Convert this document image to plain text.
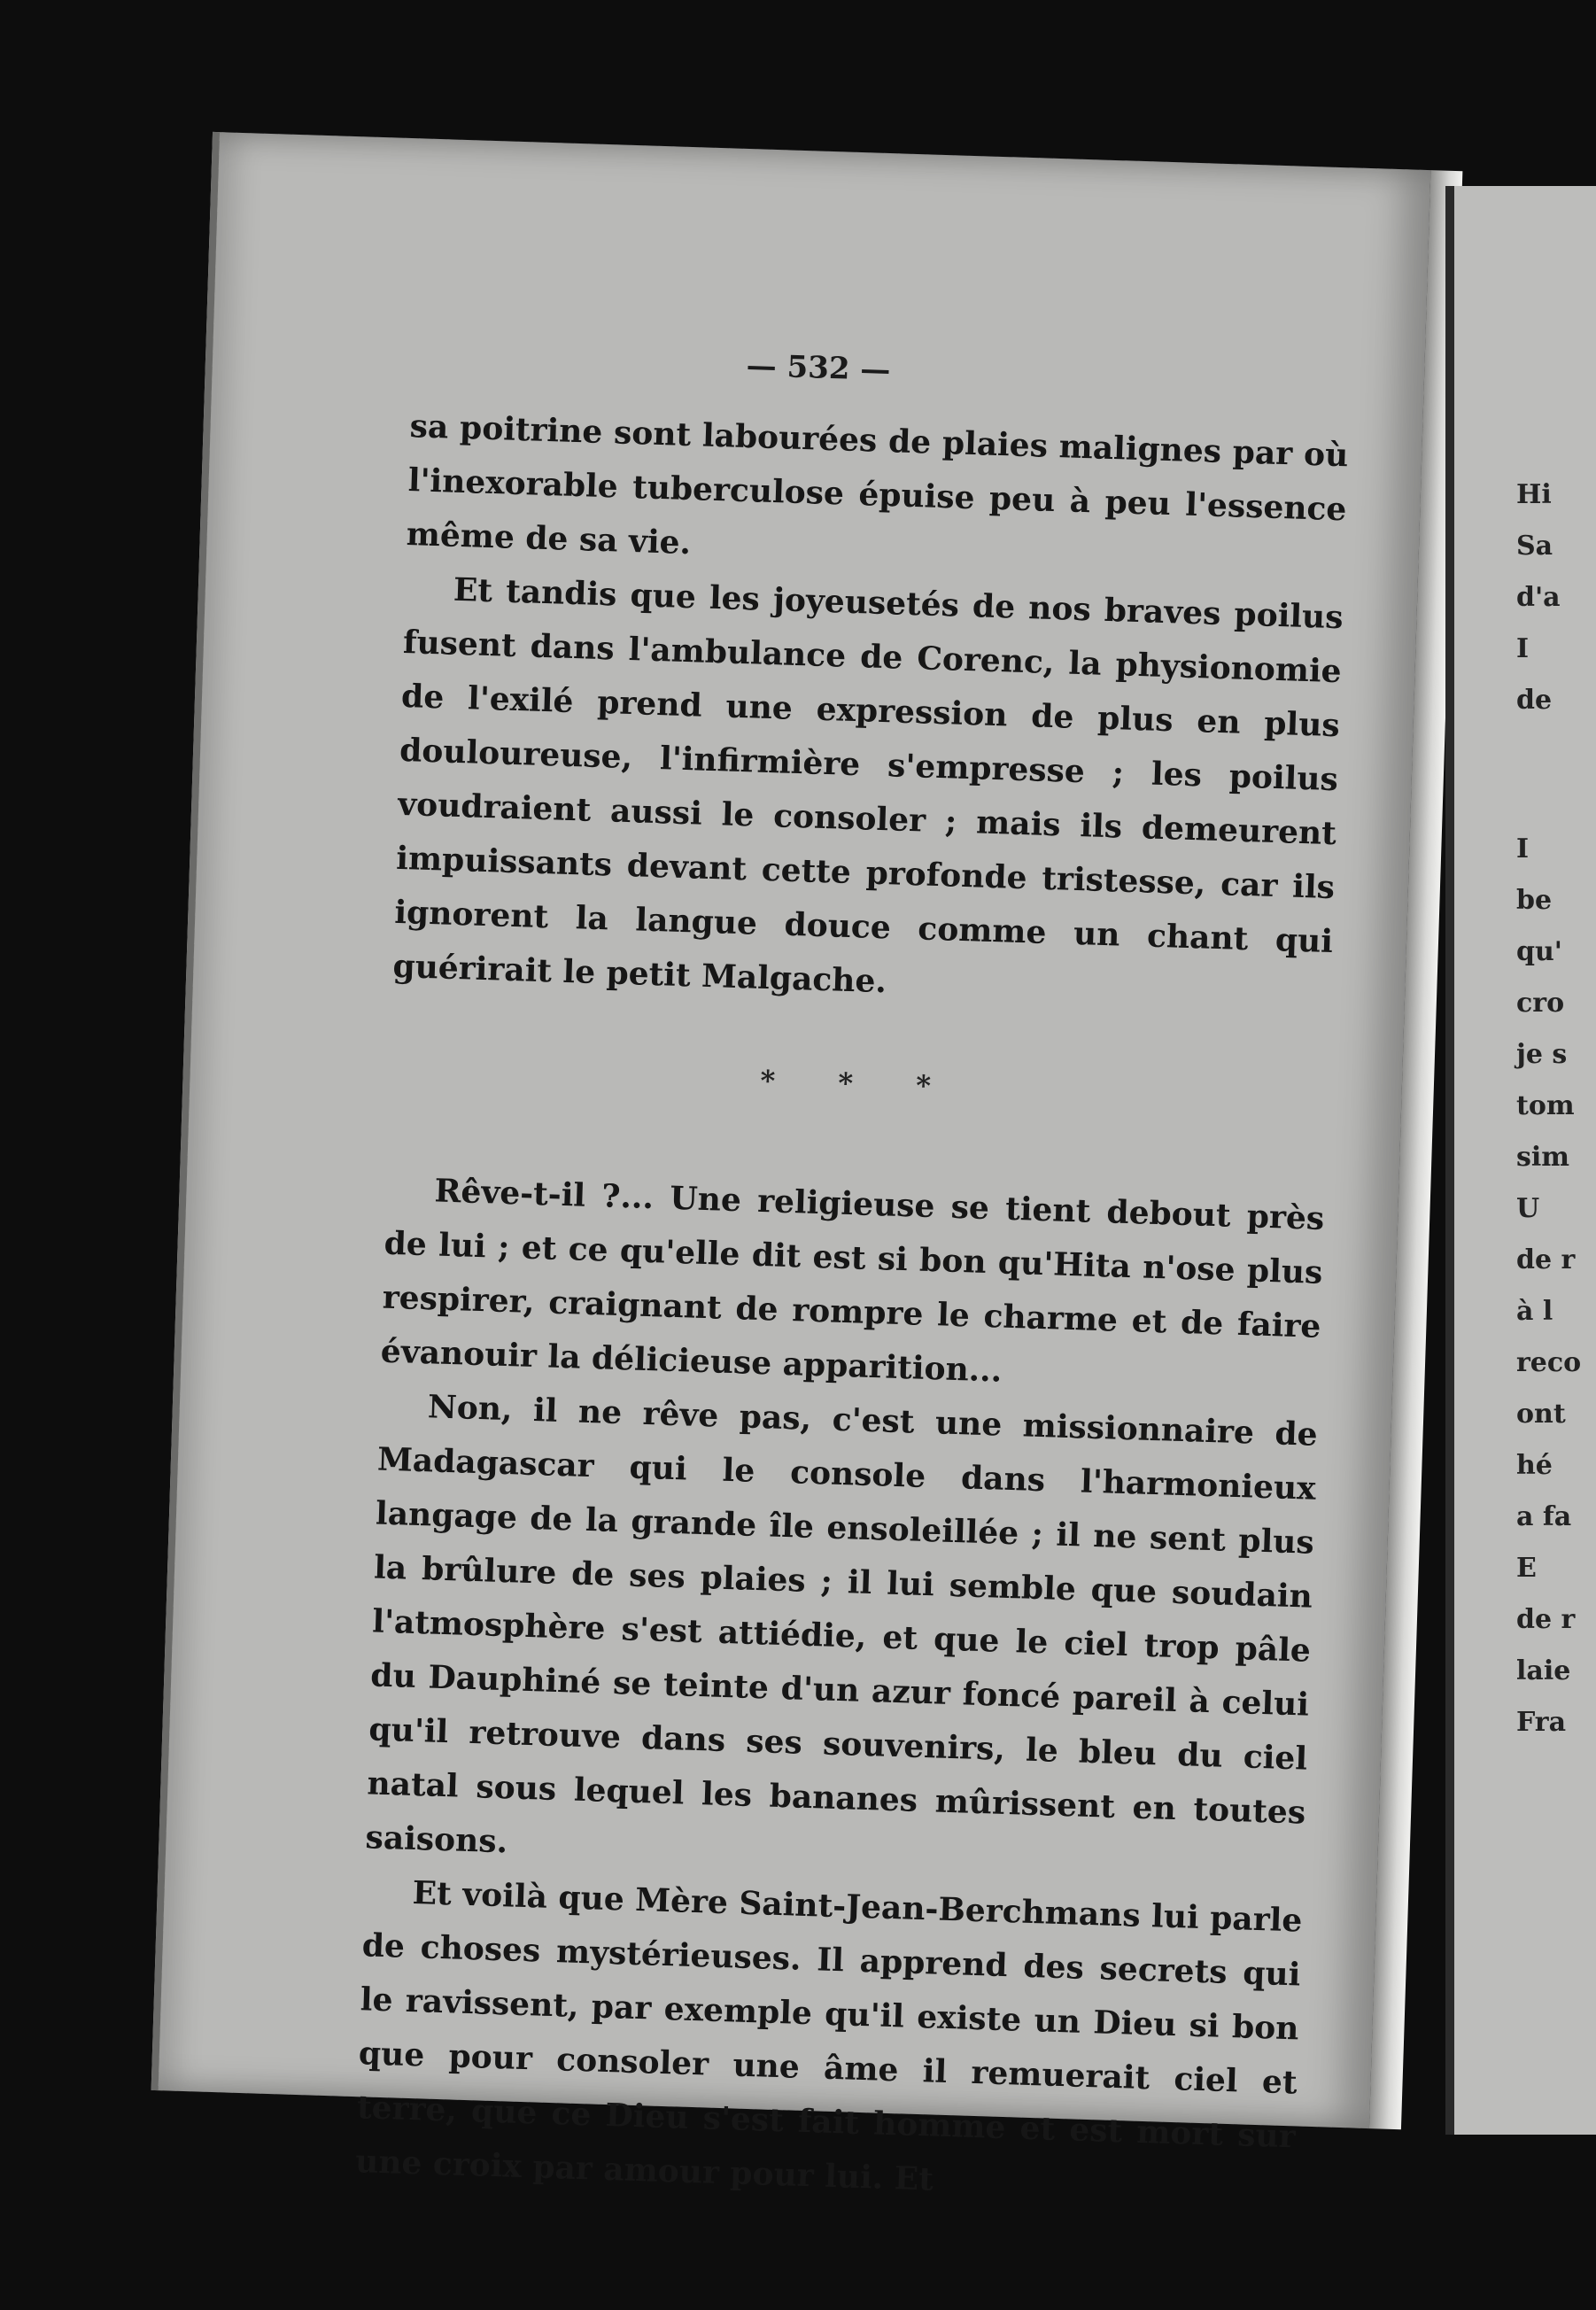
— 532 —

sa poitrine sont labourées de plaies malignes par où l'inexorable tuberculose épuise peu à peu l'essence même de sa vie.

Et tandis que les joyeusetés de nos braves poilus fusent dans l'ambulance de Corenc, la physionomie de l'exilé prend une expression de plus en plus douloureuse, l'infirmière s'empresse ; les poilus voudraient aussi le consoler ; mais ils demeurent impuissants devant cette profonde tristesse, car ils ignorent la langue douce comme un chant qui guérirait le petit Malgache.

* * *

Rêve-t-il ?... Une religieuse se tient debout près de lui ; et ce qu'elle dit est si bon qu'Hita n'ose plus respirer, craignant de rompre le charme et de faire évanouir la délicieuse apparition...

Non, il ne rêve pas, c'est une missionnaire de Madagascar qui le console dans l'harmonieux langage de la grande île ensoleillée ; il ne sent plus la brûlure de ses plaies ; il lui semble que soudain l'atmosphère s'est attiédie, et que le ciel trop pâle du Dauphiné se teinte d'un azur foncé pareil à celui qu'il retrouve dans ses souvenirs, le bleu du ciel natal sous lequel les bananes mûrissent en toutes saisons.

Et voilà que Mère Saint-Jean-Berchmans lui parle de choses mystérieuses. Il apprend des secrets qui le ravissent, par exemple qu'il existe un Dieu si bon que pour consoler une âme il remuerait ciel et terre, que ce Dieu s'est fait homme et est mort sur une croix par amour pour lui. Et

Hi
Sa
d'a
I
de
I
be
qu'
cro
je s
tom
sim
U
de r
à l
reco
ont
hé
a fa
E
de r
laie
Fra
